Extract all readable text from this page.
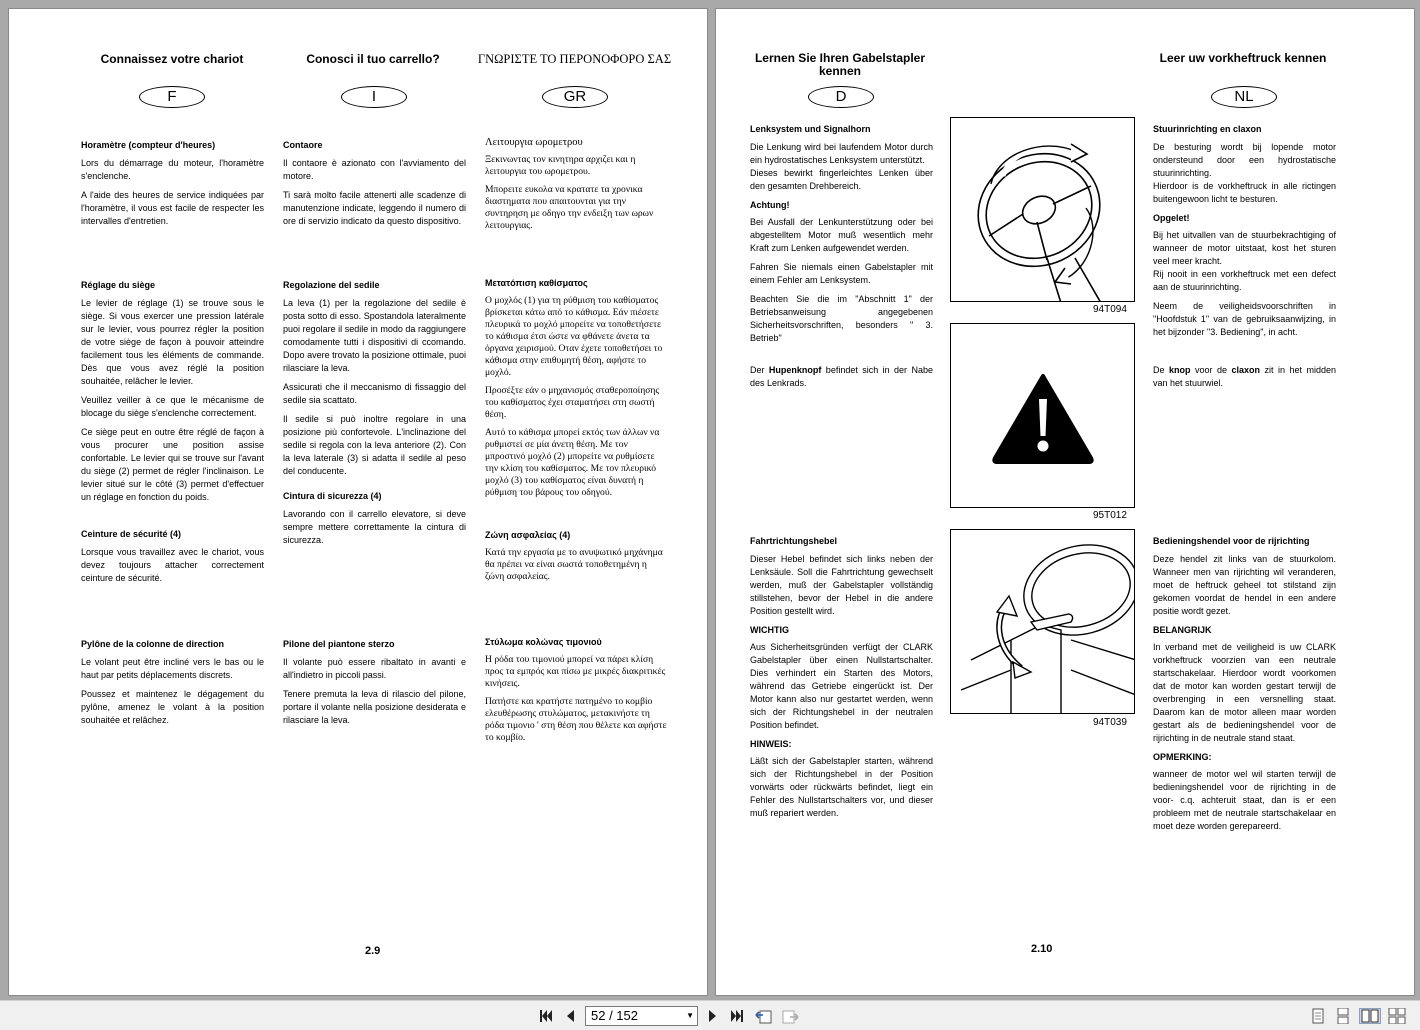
Connaissez votre chariot
F
Horamètre (compteur d'heures)

Lors du démarrage du moteur, l'horamètre s'enclenche.

A l'aide des heures de service indiquées par l'horamètre, il vous est facile de respecter les intervalles d'entretien.

Réglage du siège

Le levier de réglage (1) se trouve sous le siège. Si vous exercer une pression latérale sur le levier, vous pourrez régler la position de votre siège de façon à pouvoir atteindre facilement tous les éléments de commande. Dès que vous avez réglé la position souhaitée, relâcher le levier.

Veuillez veiller à ce que le mécanisme de blocage du siège s'enclenche correctement.

Ce siège peut en outre être réglé de façon à vous procurer une position assise confortable. Le levier qui se trouve sur l'avant du siège (2) permet de régler l'inclinaison. Le levier situé sur le côté (3) permet d'effectuer un réglage en fonction du poids.

Ceinture de sécurité (4)

Lorsque vous travaillez avec le chariot, vous devez toujours attacher correctement ceinture de sécurité.

Pylône de la colonne de direction

Le volant peut être incliné vers le bas ou le haut par petits déplacements discrets.

Poussez et maintenez le dégagement du pylône, amenez le volant à la position souhaitée et relâchez.

Conosci il tuo carrello?
I
Contaore

Il contaore è azionato con l'avviamento del motore.

Ti sarà molto facile attenerti alle scadenze di manutenzione indicate, leggendo il numero di ore di servizio indicato da questo dispositivo.

Regolazione del sedile

La leva (1) per la regolazione del sedile è posta sotto di esso. Spostandola lateralmente puoi regolare il sedile in modo da raggiungere comodamente tutti i dispositivi di ccomando. Dopo avere trovato la posizione ottimale, puoi rilasciare la leva.

Assicurati che il meccanismo di fissaggio del sedile sia scattato.

Il sedile si può inoltre regolare in una posizione più confortevole. L'inclinazione del sedile si regola con la leva anteriore (2). Con la leva laterale (3) si adatta il sedile al peso del conducente.

Cintura di sicurezza (4)

Lavorando con il carrello elevatore, si deve sempre mettere correttamente la cintura di sicurezza.

Pilone del piantone sterzo

Il volante può essere ribaltato in avanti e all'indietro in piccoli passi.

Tenere premuta la leva di rilascio del pilone, portare il volante nella posizione desiderata e rilasciare la leva.

ΓΝΩΡΙΣΤΕ ΤΟ ΠΕΡΟΝΟΦΟΡΟ ΣΑΣ
GR
Λειτουργια ωρομετρου

Ξεκινωντας τον κινητηρα αρχιζει και η λειτουργια του ωρομετρου.

Μπορειτε ευκολα να κρατατε τα χρονικα διαστηματα που απαιτουνται για την συντηρηση με οδηγο την ενδειξη των ωρων λειτουργιας.

Μετατόπιση καθίσματος

Ο μοχλός (1) για τη ρύθμιση του καθίσματος βρίσκεται κάτω από το κάθισμα. Εάν πιέσετε πλευρικά το μοχλό μπορείτε να τοποθετήσετε το κάθισμα έτσι ώστε να φθάνετε άνετα τα όργανα χειρισμού. Οταν έχετε τοποθετήσει το κάθισμα στην επιθυμητή θέση, αφήστε το μοχλό.

Προσέξτε εάν ο μηχανισμός σταθεροποίησης του καθίσματος έχει σταματήσει στη σωστή θέση.

Αυτό το κάθισμα μπορεί εκτός των άλλων να ρυθμιστεί σε μία άνετη θέση. Με τον μπροστινό μοχλό (2) μπορείτε να ρυθμίσετε την κλίση του καθίσματος. Με τον πλευρικό μοχλό (3) του καθίσματος είναι δυνατή η ρύθμιση του βάρους του οδηγού.

Ζώνη ασφαλείας (4)

Κατά την εργασία με το ανυψωτικό μηχάνημα θα πρέπει να είναι σωστά τοποθετημένη η ζώνη ασφαλείας.

Στύλωμα κολώνας τιμονιού

Η ρόδα του τιμονιού μπορεί να πάρει κλίση προς τα εμπρός και πίσω με μικρές διακριτικές κινήσεις.

Πατήστε και κρατήστε πατημένο το κομβίο ελευθέρωσης στυλώματος, μετακινήστε τη ρόδα τιμονιο ' στη θέση που θέλετε και αφήστε το κομβίο.

2.9
Lernen Sie Ihren Gabelstapler kennen
D
Lenksystem und Signalhorn

Die Lenkung wird bei laufendem Motor durch ein hydrostatisches Lenksystem unterstützt.

Dieses bewirkt fingerleichtes Lenken über den gesamten Drehbereich.

Achtung!

Bei Ausfall der Lenkunterstützung oder bei abgestelltem Motor muß wesentlich mehr Kraft zum Lenken aufgewendet werden.

Fahren Sie niemals einen Gabelstapler mit einem Fehler am Lenksystem.

Beachten Sie die im "Abschnitt 1" der Betriebsanweisung angegebenen Sicherheitsvorschriften, besonders " 3. Betrieb"

Der Hupenknopf befindet sich in der Nabe des Lenkrads.

Fahrtrichtungshebel

Dieser Hebel befindet sich links neben der Lenksäule. Soll die Fahrtrichtung gewechselt werden, muß der Gabelstapler vollständig stillstehen, bevor der Hebel in die andere Position gestellt wird.

WICHTIG

Aus Sicherheitsgründen verfügt der CLARK Gabelstapler über einen Nullstartschalter. Dies verhindert ein Starten des Motors, während das Getriebe eingerückt ist. Der Motor kann also nur gestartet werden, wenn sich der Richtungshebel in der neutralen Position befindet.

HINWEIS:

Läßt sich der Gabelstapler starten, während sich der Richtungshebel in der Position vorwärts oder rückwärts befindet, liegt ein Fehler des Nullstartschalters vor, und dieser muß repariert werden.

94T094
95T012
94T039
Leer uw vorkheftruck kennen
NL
Stuurinrichting en claxon

De besturing wordt bij lopende motor ondersteund door een hydrostatische stuurinrichting.

Hierdoor is de vorkheftruck in alle rictingen buitengewoon licht te besturen.

Opgelet!

Bij het uitvallen van de stuurbekrachtiging of wanneer de motor uitstaat, kost het sturen veel meer kracht.

Rij nooit in een vorkheftruck met een defect aan de stuurinrichting.

Neem de veiligheidsvoorschriften in "Hoofdstuk 1" van de gebruiksaanwijzing, in het bijzonder "3. Bediening", in acht.

De knop voor de claxon zit in het midden van het stuurwiel.

Bedieningshendel voor de rijrichting

Deze hendel zit links van de stuurkolom. Wanneer men van rijrichting wil veranderen, moet de heftruck geheel tot stilstand zijn gekomen voordat de hendel in een andere positie wordt gezet.

BELANGRIJK

In verband met de veiligheid is uw CLARK vorkheftruck voorzien van een neutrale startschakelaar. Hierdoor wordt voorkomen dat de motor kan worden gestart terwijl de overbrenging in een versnelling staat. Daarom kan de motor alleen maar worden gestart als de bedieningshendel voor de rijrichting in de neutrale stand staat.

OPMERKING:

wanneer de motor wel wil starten terwijl de bedieningshendel voor de rijrichting in de voor- c.q. achteruit staat, dan is er een probleem met de neutrale startschakelaar en moet deze worden gerepareerd.

2.10
52 / 152	▼
